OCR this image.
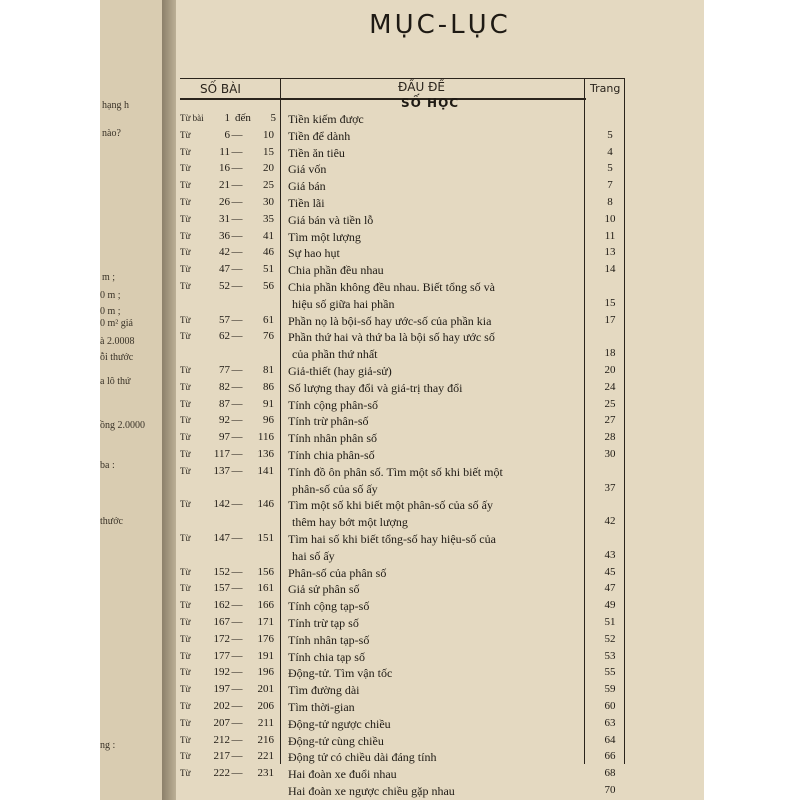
hạng h
nào?
m ;
0 m ;
0 m ;
0 m² giá
à 2.0008
ỗi thước
a lô thứ
ồng 2.0000
ba :
thước
ng :
MỤC-LỤC
SỐ BÀI	ĐẦU ĐỀ	Trang
SỐ HỌC
Từ bài 1 đến 5	Tiền kiếm được
Từ	6 — 10	Tiền để dành	5
Từ	11 — 15	Tiền ăn tiêu	4
Từ	16 — 20	Giá vốn	5
Từ	21 — 25	Giá bán	7
Từ	26 — 30	Tiền lãi	8
Từ	31 — 35	Giá bán và tiền lỗ	10
Từ	36 — 41	Tìm một lượng	11
Từ	42 — 46	Sự hao hụt	13
Từ	47 — 51	Chia phần đều nhau	14
Từ	52 — 56	Chia phần không đều nhau. Biết tổng số và
hiệu số giữa hai phần	15
Từ	57 — 61	Phần nọ là bội-số hay ước-số của phần kia	17
Từ	62 — 76	Phần thứ hai và thứ ba là bội số hay ước số
của phần thứ nhất	18
Từ	77 — 81	Giả-thiết (hay giả-sử)	20
Từ	82 — 86	Số lượng thay đổi và giá-trị thay đổi	24
Từ	87 — 91	Tính cộng phân-số	25
Từ	92 — 96	Tính trừ phân-số	27
Từ	97 — 116	Tính nhân phân số	28
Từ 117 — 136	Tính chia phân-số	30
Từ 137 — 141	Tính đồ ôn phân số. Tìm một số khi biết một
phân-số của số ấy	37
Từ 142 — 146	Tìm một số khi biết một phân-số của số ấy
thêm hay bớt một lượng	42
Từ 147 — 151	Tìm hai số khi biết tổng-số hay hiệu-số của
hai số ấy	43
Từ 152 — 156	Phân-số của phân số	45
Từ 157 — 161	Giả sử phân số	47
Từ 162 — 166	Tính cộng tạp-số	49
Từ 167 — 171	Tính trừ tạp số	51
Từ 172 — 176	Tính nhân tạp-số	52
Từ 177 — 191	Tính chia tạp số	53
Từ 192 — 196	Động-tử. Tìm vận tốc	55
Từ 197 — 201	Tìm đường dài	59
Từ 202 — 206	Tìm thời-gian	60
Từ 207 — 211	Động-tử ngược chiều	63
Từ 212 — 216	Động-tử cùng chiều	64
Từ 217 — 221	Động tử có chiều dài đáng tính	66
Từ 222 — 231	Hai đoàn xe đuổi nhau	68
Hai đoàn xe ngược chiều gặp nhau	70
